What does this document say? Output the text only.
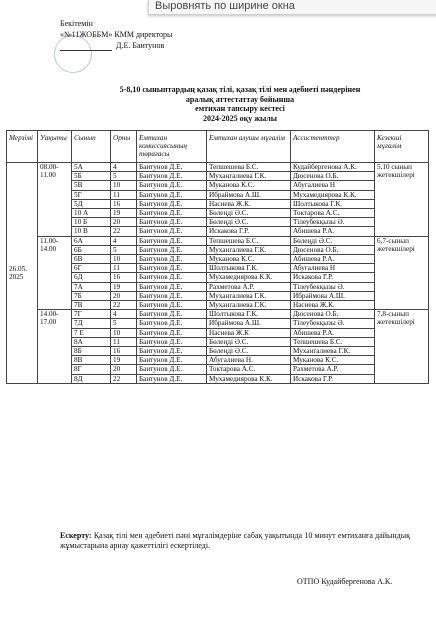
Выровнять по ширине окна
Бекітемін
«№11ЖОББМ» КММ директоры
Д.Е. Баитунов
5-8,10 сыныптардың қазақ тілі, қазақ тілі мен әдебиеті пәндерінен
аралық аттестаттау бойынша
емтихан тапсыру кестесі
2024-2025 оқу жылы
Мерзімі	Уақыты	Сынып	Орны	Емтихан комиссиясының төрағасы	Емтихан алушы мұғалім	Ассистенттер	Кезекші мұғалім
26.05. 2025	08.00-11.00	5А	4	Баитунов Д.Е.	Тепшешева Б.С.	Кудайбергенова А.К.	5,10 сынып жетекшілері
		5Б	5	Баитунов Д.Е.	Мухангалиева Г.К.	Дюсенова О.Б.	
		5В	10	Баитунов Д.Е.	Муканова К.С.	Абугалиева Н	
		5Г	11	Баитунов Д.Е.	Ибраймова А.Ш.	Мухамедиярова К.К.	
		5Д	16	Баитунов Д.Е.	Насиева Ж.К.	Шолтыкова Г.К.	
		10 А	19	Баитунов Д.Е.	Бөлеңді Ә.С.	Токтарова А.С.	
		10 Б	20	Баитунов Д.Е.	Бөлеңді Ә.С.	Тілеубекқызы Ә.	
		10 В	22	Баитунов Д.Е.	Искакова Г.Р.	Абишева Р.А.	
	11.00-14.00	6А	4	Баитунов Д.Е.	Тепшешева Б.С.	Бөлеңді Ә.С.	6,7-сынып жетекшілері
		6Б	5	Баитунов Д.Е.	Мухангалиева Г.К.	Дюсенова О.Б.	
		6В	10	Баитунов Д.Е.	Муканова К.С.	Абишева Р.А.	
		6Г	11	Баитунов Д.Е.	Шолтыкова Г.К.	Абугалиева Н	
		6Д	16	Баитунов Д.Е.	Мухамедиярова К.К.	Искакова Г.Р.	
		7А	19	Баитунов Д.Е.	Рахметова А.Р.	Тілеубекқызы Ә.	
		7Б	20	Баитунов Д.Е.	Мухангалиева Г.К.	Ибраймова А.Ш.	
		7В	22	Баитунов Д.Е.	Мухангалиева Г.К.	Насиева Ж.К.	
	14.00-17.00	7Г	4	Баитунов Д.Е.	Шолтыкова Г.К.	Дюсенова О.Б.	7,8-сынып жетекшілері
		7Д	5	Баитунов Д.Е.	Ибраймова А.Ш.	Тілеубекқызы Ә.	
		7 Е	10	Баитунов Д.Е.	Насиева Ж.К	Абишева Р.А.	
		8А	11	Баитунов Д.Е.	Бөлеңді Ә.С.	Тепшешева Б.С.	
		8Б	16	Баитунов Д.Е.	Бөлеңді Ә.С.	Мухангалиева Г.К.	
		8В	19	Баитунов Д.Е.	Абугалиева Н.	Муканова К.С.	
		8Г	20	Баитунов Д.Е.	Токтарова А.С.	Рахметова А.Р.	
		8Д	22	Баитунов Д.Е.	Мухамедиярова К.К.	Искакова Г.Р.	
Ескерту: Қазақ тілі мен әдебиеті пәні мұғалімдеріне сабақ уақытында 10 минут емтиханға дайындық жұмыстарына арнау қажеттілігі ескертіледі.
ОТПО Кудайбергенова А.К.
